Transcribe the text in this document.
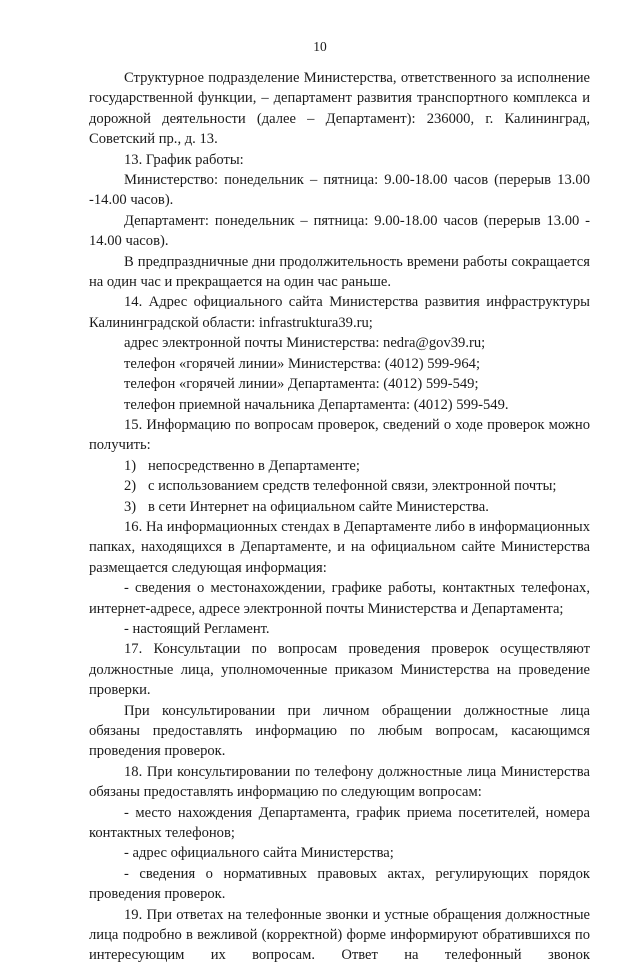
10

Структурное подразделение Министерства, ответственного за исполнение государственной функции, – департамент развития транспортного комплекса и дорожной деятельности (далее – Департамент): 236000, г. Калининград, Советский пр., д. 13.

13. График работы:

Министерство: понедельник – пятница: 9.00-18.00 часов (перерыв 13.00 -14.00 часов).

Департамент: понедельник – пятница: 9.00-18.00 часов (перерыв 13.00 - 14.00 часов).

В предпраздничные дни продолжительность времени работы сокращается на один час и прекращается на один час раньше.

14. Адрес официального сайта Министерства развития инфраструктуры Калининградской области: infrastruktura39.ru;

адрес электронной почты Министерства: nedra@gov39.ru;

телефон «горячей линии» Министерства: (4012) 599-964;

телефон «горячей линии» Департамента: (4012) 599-549;

телефон приемной начальника Департамента: (4012) 599-549.

15. Информацию по вопросам проверок, сведений о ходе проверок можно получить:

1) непосредственно в Департаменте;
2) с использованием средств телефонной связи, электронной почты;
3) в сети Интернет на официальном сайте Министерства.

16. На информационных стендах в Департаменте либо в информационных папках, находящихся в Департаменте, и на официальном сайте Министерства размещается следующая информация:

- сведения о местонахождении, графике работы, контактных телефонах, интернет-адресе, адресе электронной почты Министерства и Департамента;

- настоящий Регламент.

17. Консультации по вопросам проведения проверок осуществляют должностные лица, уполномоченные приказом Министерства на проведение проверки.

При консультировании при личном обращении должностные лица обязаны предоставлять информацию по любым вопросам, касающимся проведения проверок.

18. При консультировании по телефону должностные лица Министерства обязаны предоставлять информацию по следующим вопросам:

- место нахождения Департамента, график приема посетителей, номера контактных телефонов;

- адрес официального сайта Министерства;

- сведения о нормативных правовых актах, регулирующих порядок проведения проверок.

19. При ответах на телефонные звонки и устные обращения должностные лица подробно в вежливой (корректной) форме информируют обратившихся по интересующим их вопросам. Ответ на телефонный звонок
